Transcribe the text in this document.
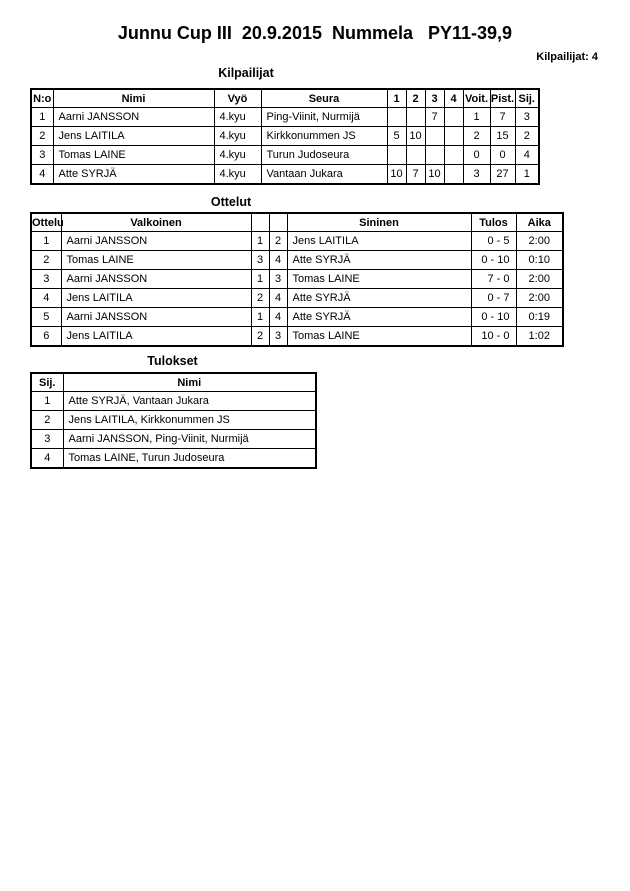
Junnu Cup III  20.9.2015  Nummela   PY11-39,9
Kilpailijat: 4
Kilpailijat
N:o	Nimi	Vyö	Seura	1	2	3	4	Voit.	Pist.	Sij.
1	Aarni JANSSON	4.kyu	Ping-Viinit, Nurmijä			7		1	7	3
2	Jens LAITILA	4.kyu	Kirkkonummen JS	5	10			2	15	2
3	Tomas LAINE	4.kyu	Turun Judoseura					0	0	4
4	Atte SYRJÄ	4.kyu	Vantaan Jukara	10	7	10		3	27	1
Ottelut
Ottelu	Valkoinen			Sininen	Tulos	Aika
1	Aarni JANSSON	1	2	Jens LAITILA	0 - 5	2:00
2	Tomas LAINE	3	4	Atte SYRJÄ	0 - 10	0:10
3	Aarni JANSSON	1	3	Tomas LAINE	7 - 0	2:00
4	Jens LAITILA	2	4	Atte SYRJÄ	0 - 7	2:00
5	Aarni JANSSON	1	4	Atte SYRJÄ	0 - 10	0:19
6	Jens LAITILA	2	3	Tomas LAINE	10 - 0	1:02
Tulokset
Sij.	Nimi
1	Atte SYRJÄ, Vantaan Jukara
2	Jens LAITILA, Kirkkonummen JS
3	Aarni JANSSON, Ping-Viinit, Nurmijä
4	Tomas LAINE, Turun Judoseura
